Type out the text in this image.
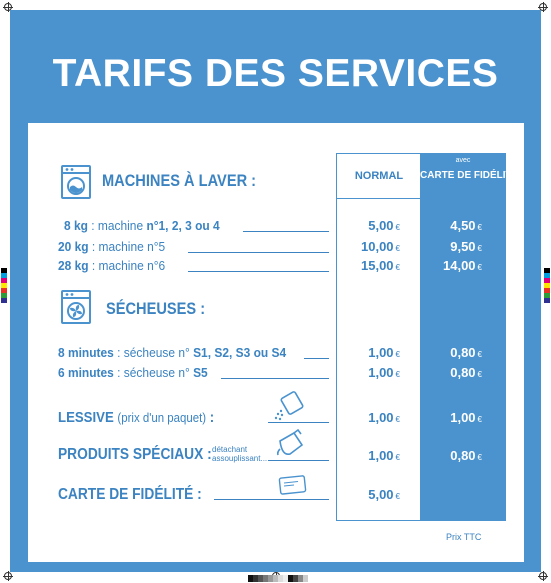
TARIFS DES SERVICES
NORMAL
avec
CARTE DE FIDÉLITÉ
MACHINES À LAVER :
8 kg : machine n°1, 2, 3 ou 4	5,00 €	4,50 €
20 kg : machine n°5	10,00 €	9,50 €
28 kg : machine n°6	15,00 €	14,00 €
SÉCHEUSES :
8 minutes : sécheuse n° S1, S2, S3 ou S4	1,00 €	0,80 €
6 minutes : sécheuse n° S5	1,00 €	0,80 €
LESSIVE (prix d'un paquet) :	1,00 €	1,00 €
PRODUITS SPÉCIAUX : détachant
assouplissant...	1,00 €	0,80 €
CARTE DE FIDÉLITÉ :	5,00 €
Prix TTC
